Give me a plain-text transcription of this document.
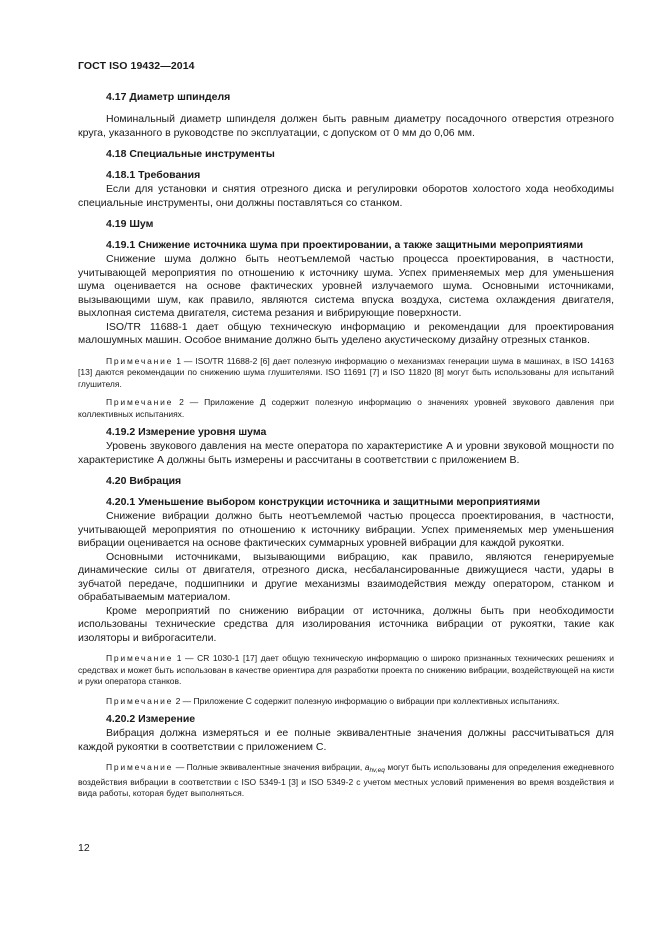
ГОСТ ISO 19432—2014
4.17 Диаметр шпинделя

Номинальный диаметр шпинделя должен быть равным диаметру посадочного отверстия отрезного круга, указанного в руководстве по эксплуатации, с допуском от 0 мм до 0,06 мм.

4.18 Специальные инструменты
4.18.1 Требования

Если для установки и снятия отрезного диска и регулировки оборотов холостого хода необходимы специальные инструменты, они должны поставляться со станком.

4.19 Шум
4.19.1 Снижение источника шума при проектировании, а также защитными мероприятиями

Снижение шума должно быть неотъемлемой частью процесса проектирования, в частности, учитывающей мероприятия по отношению к источнику шума. Успех применяемых мер для уменьшения шума оценивается на основе фактических уровней излучаемого шума. Основными источниками, вызывающими шум, как правило, являются система впуска воздуха, система охлаждения двигателя, выхлопная система двигателя, система резания и вибрирующие поверхности.

ISO/TR 11688-1 дает общую техническую информацию и рекомендации для проектирования малошумных машин. Особое внимание должно быть уделено акустическому дизайну отрезных станков.

Примечание 1 — ISO/TR 11688-2 [6] дает полезную информацию о механизмах генерации шума в машинах, в ISO 14163 [13] даются рекомендации по снижению шума глушителями. ISO 11691 [7] и ISO 11820 [8] могут быть использованы для испытаний глушителя.

Примечание 2 — Приложение Д содержит полезную информацию о значениях уровней звукового давления при коллективных испытаниях.

4.19.2 Измерение уровня шума

Уровень звукового давления на месте оператора по характеристике А и уровни звуковой мощности по характеристике А должны быть измерены и рассчитаны в соответствии с приложением В.

4.20 Вибрация
4.20.1 Уменьшение выбором конструкции источника и защитными мероприятиями

Снижение вибрации должно быть неотъемлемой частью процесса проектирования, в частности, учитывающей мероприятия по отношению к источнику вибрации. Успех применяемых мер уменьшения вибрации оценивается на основе фактических суммарных уровней вибрации для каждой рукоятки.

Основными источниками, вызывающими вибрацию, как правило, являются генерируемые динамические силы от двигателя, отрезного диска, несбалансированные движущиеся части, удары в зубчатой передаче, подшипники и другие механизмы взаимодействия между оператором, станком и обрабатываемым материалом.

Кроме мероприятий по снижению вибрации от источника, должны быть при необходимости использованы технические средства для изолирования источника вибрации от рукоятки, такие как изоляторы и виброгасители.

Примечание 1 — CR 1030-1 [17] дает общую техническую информацию о широко признанных технических решениях и средствах и может быть использован в качестве ориентира для разработки проекта по снижению вибрации, воздействующей на кисти и руки оператора станков.

Примечание 2 — Приложение С содержит полезную информацию о вибрации при коллективных испытаниях.

4.20.2 Измерение

Вибрация должна измеряться и ее полные эквивалентные значения должны рассчитываться для каждой рукоятки в соответствии с приложением С.

Примечание — Полные эквивалентные значения вибрации, $a_{hv,eq}$ могут быть использованы для определения ежедневного воздействия вибрации в соответствии с ISO 5349-1 [3] и ISO 5349-2 с учетом местных условий применения во время воздействия и вида работы, которая будет выполняться.

12
